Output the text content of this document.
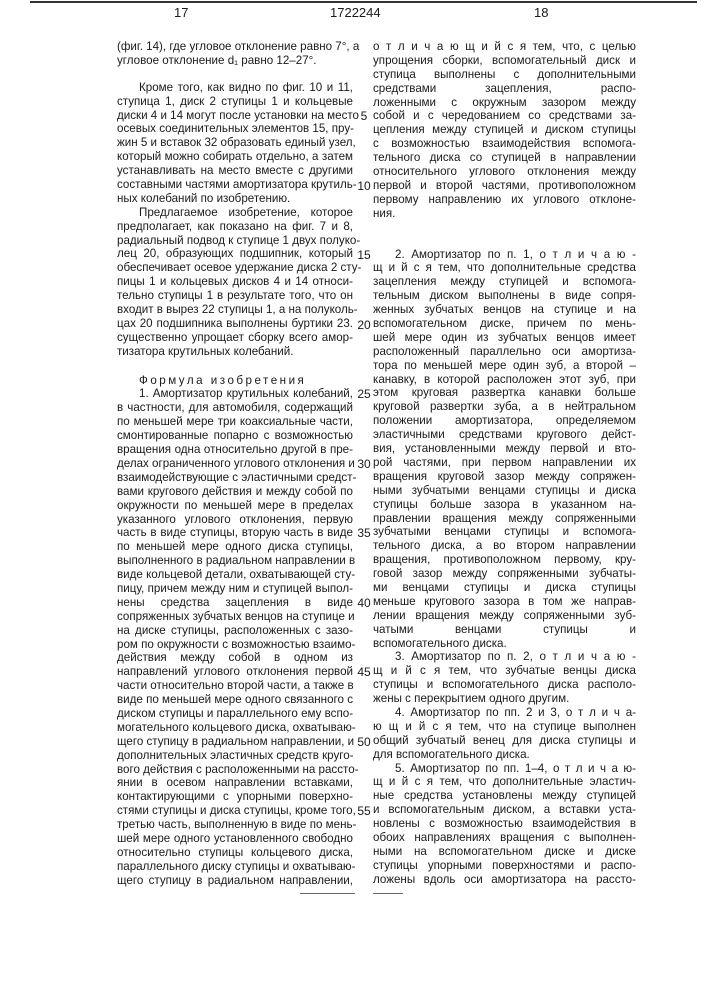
17	1722244	18
(фиг. 14), где угловое отклонение равно 7°, а
угловое отклонение d₁ равно 12–27°.
Кроме того, как видно по фиг. 10 и 11,
ступица 1, диск 2 ступицы 1 и кольцевые
диски 4 и 14 могут после установки на место
осевых соединительных элементов 15, пру-
жин 5 и вставок 32 образовать единый узел,
который можно собирать отдельно, а затем
устанавливать на место вместе с другими
составными частями амортизатора крутиль-
ных колебаний по изобретению.
Предлагаемое изобретение, которое
предполагает, как показано на фиг. 7 и 8,
радиальный подвод к ступице 1 двух полуко-
лец 20, образующих подшипник, который
обеспечивает осевое удержание диска 2 сту-
пицы 1 и кольцевых дисков 4 и 14 относи-
тельно ступицы 1 в результате того, что он
входит в вырез 22 ступицы 1, а на полуколь-
цах 20 подшипника выполнены буртики 23.
существенно упрощает сборку всего амор-
тизатора крутильных колебаний.
Формула изобретения
1. Амортизатор крутильных колебаний,
в частности, для автомобиля, содержащий
по меньшей мере три коаксиальные части,
смонтированные попарно с возможностью
вращения одна относительно другой в пре-
делах ограниченного углового отклонения и
взаимодействующие с эластичными средст-
вами кругового действия и между собой по
окружности по меньшей мере в пределах
указанного углового отклонения, первую
часть в виде ступицы, вторую часть в виде
по меньшей мере одного диска ступицы,
выполненного в радиальном направлении в
виде кольцевой детали, охватывающей сту-
пицу, причем между ним и ступицей выпол-
нены средства зацепления в виде
сопряженных зубчатых венцов на ступице и
на диске ступицы, расположенных с зазо-
ром по окружности с возможностью взаимо-
действия между собой в одном из
направлений углового отклонения первой
части относительно второй части, а также в
виде по меньшей мере одного связанного с
диском ступицы и параллельного ему вспо-
могательного кольцевого диска, охватываю-
щего ступицу в радиальном направлении, и
дополнительных эластичных средств круго-
вого действия с расположенными на рассто-
янии в осевом направлении вставками,
контактирующими с упорными поверхно-
стями ступицы и диска ступицы, кроме того,
третью часть, выполненную в виде по мень-
шей мере одного установленного свободно
относительно ступицы кольцевого диска,
параллельного диску ступицы и охватываю-
щего ступицу в радиальном направлении,
о т л и ч а ю щ и й с я тем, что, с целью
упрощения сборки, вспомогательный диск и
ступица выполнены с дополнительными
средствами зацепления, распо-
ложенными с окружным зазором между
собой и с чередованием со средствами за-
цепления между ступицей и диском ступицы
с возможностью взаимодействия вспомога-
тельного диска со ступицей в направлении
относительного углового отклонения между
первой и второй частями, противоположном
первому направлению их углового отклоне-
ния.
2. Амортизатор по п. 1, о т л и ч а ю -
щ и й с я тем, что дополнительные средства
зацепления между ступицей и вспомога-
тельным диском выполнены в виде сопря-
женных зубчатых венцов на ступице и на
вспомогательном диске, причем по мень-
шей мере один из зубчатых венцов имеет
расположенный параллельно оси амортиза-
тора по меньшей мере один зуб, а второй –
канавку, в которой расположен этот зуб, при
этом круговая развертка канавки больше
круговой развертки зуба, а в нейтральном
положении амортизатора, определяемом
эластичными средствами кругового дейст-
вия, установленными между первой и вто-
рой частями, при первом направлении их
вращения круговой зазор между сопряжен-
ными зубчатыми венцами ступицы и диска
ступицы больше зазора в указанном на-
правлении вращения между сопряженными
зубчатыми венцами ступицы и вспомога-
тельного диска, а во втором направлении
вращения, противоположном первому, кру-
говой зазор между сопряженными зубчаты-
ми венцами ступицы и диска ступицы
меньше кругового зазора в том же направ-
лении вращения между сопряженными зуб-
чатыми венцами ступицы и
вспомогательного диска.
3. Амортизатор по п. 2, о т л и ч а ю -
щ и й с я тем, что зубчатые венцы диска
ступицы и вспомогательного диска располо-
жены с перекрытием одного другим.
4. Амортизатор по пп. 2 и 3, о т л и ч а-
ю щ и й с я тем, что на ступице выполнен
общий зубчатый венец для диска ступицы и
для вспомогательного диска.
5. Амортизатор по пп. 1–4, о т л и ч а ю-
щ и й с я тем, что дополнительные эластич-
ные средства установлены между ступицей
и вспомогательным диском, а вставки уста-
новлены с возможностью взаимодействия в
обоих направлениях вращения с выполнен-
ными на вспомогательном диске и диске
ступицы упорными поверхностями и распо-
ложены вдоль оси амортизатора на рассто-
5
10
15
20
25
30
35
40
45
50
55
